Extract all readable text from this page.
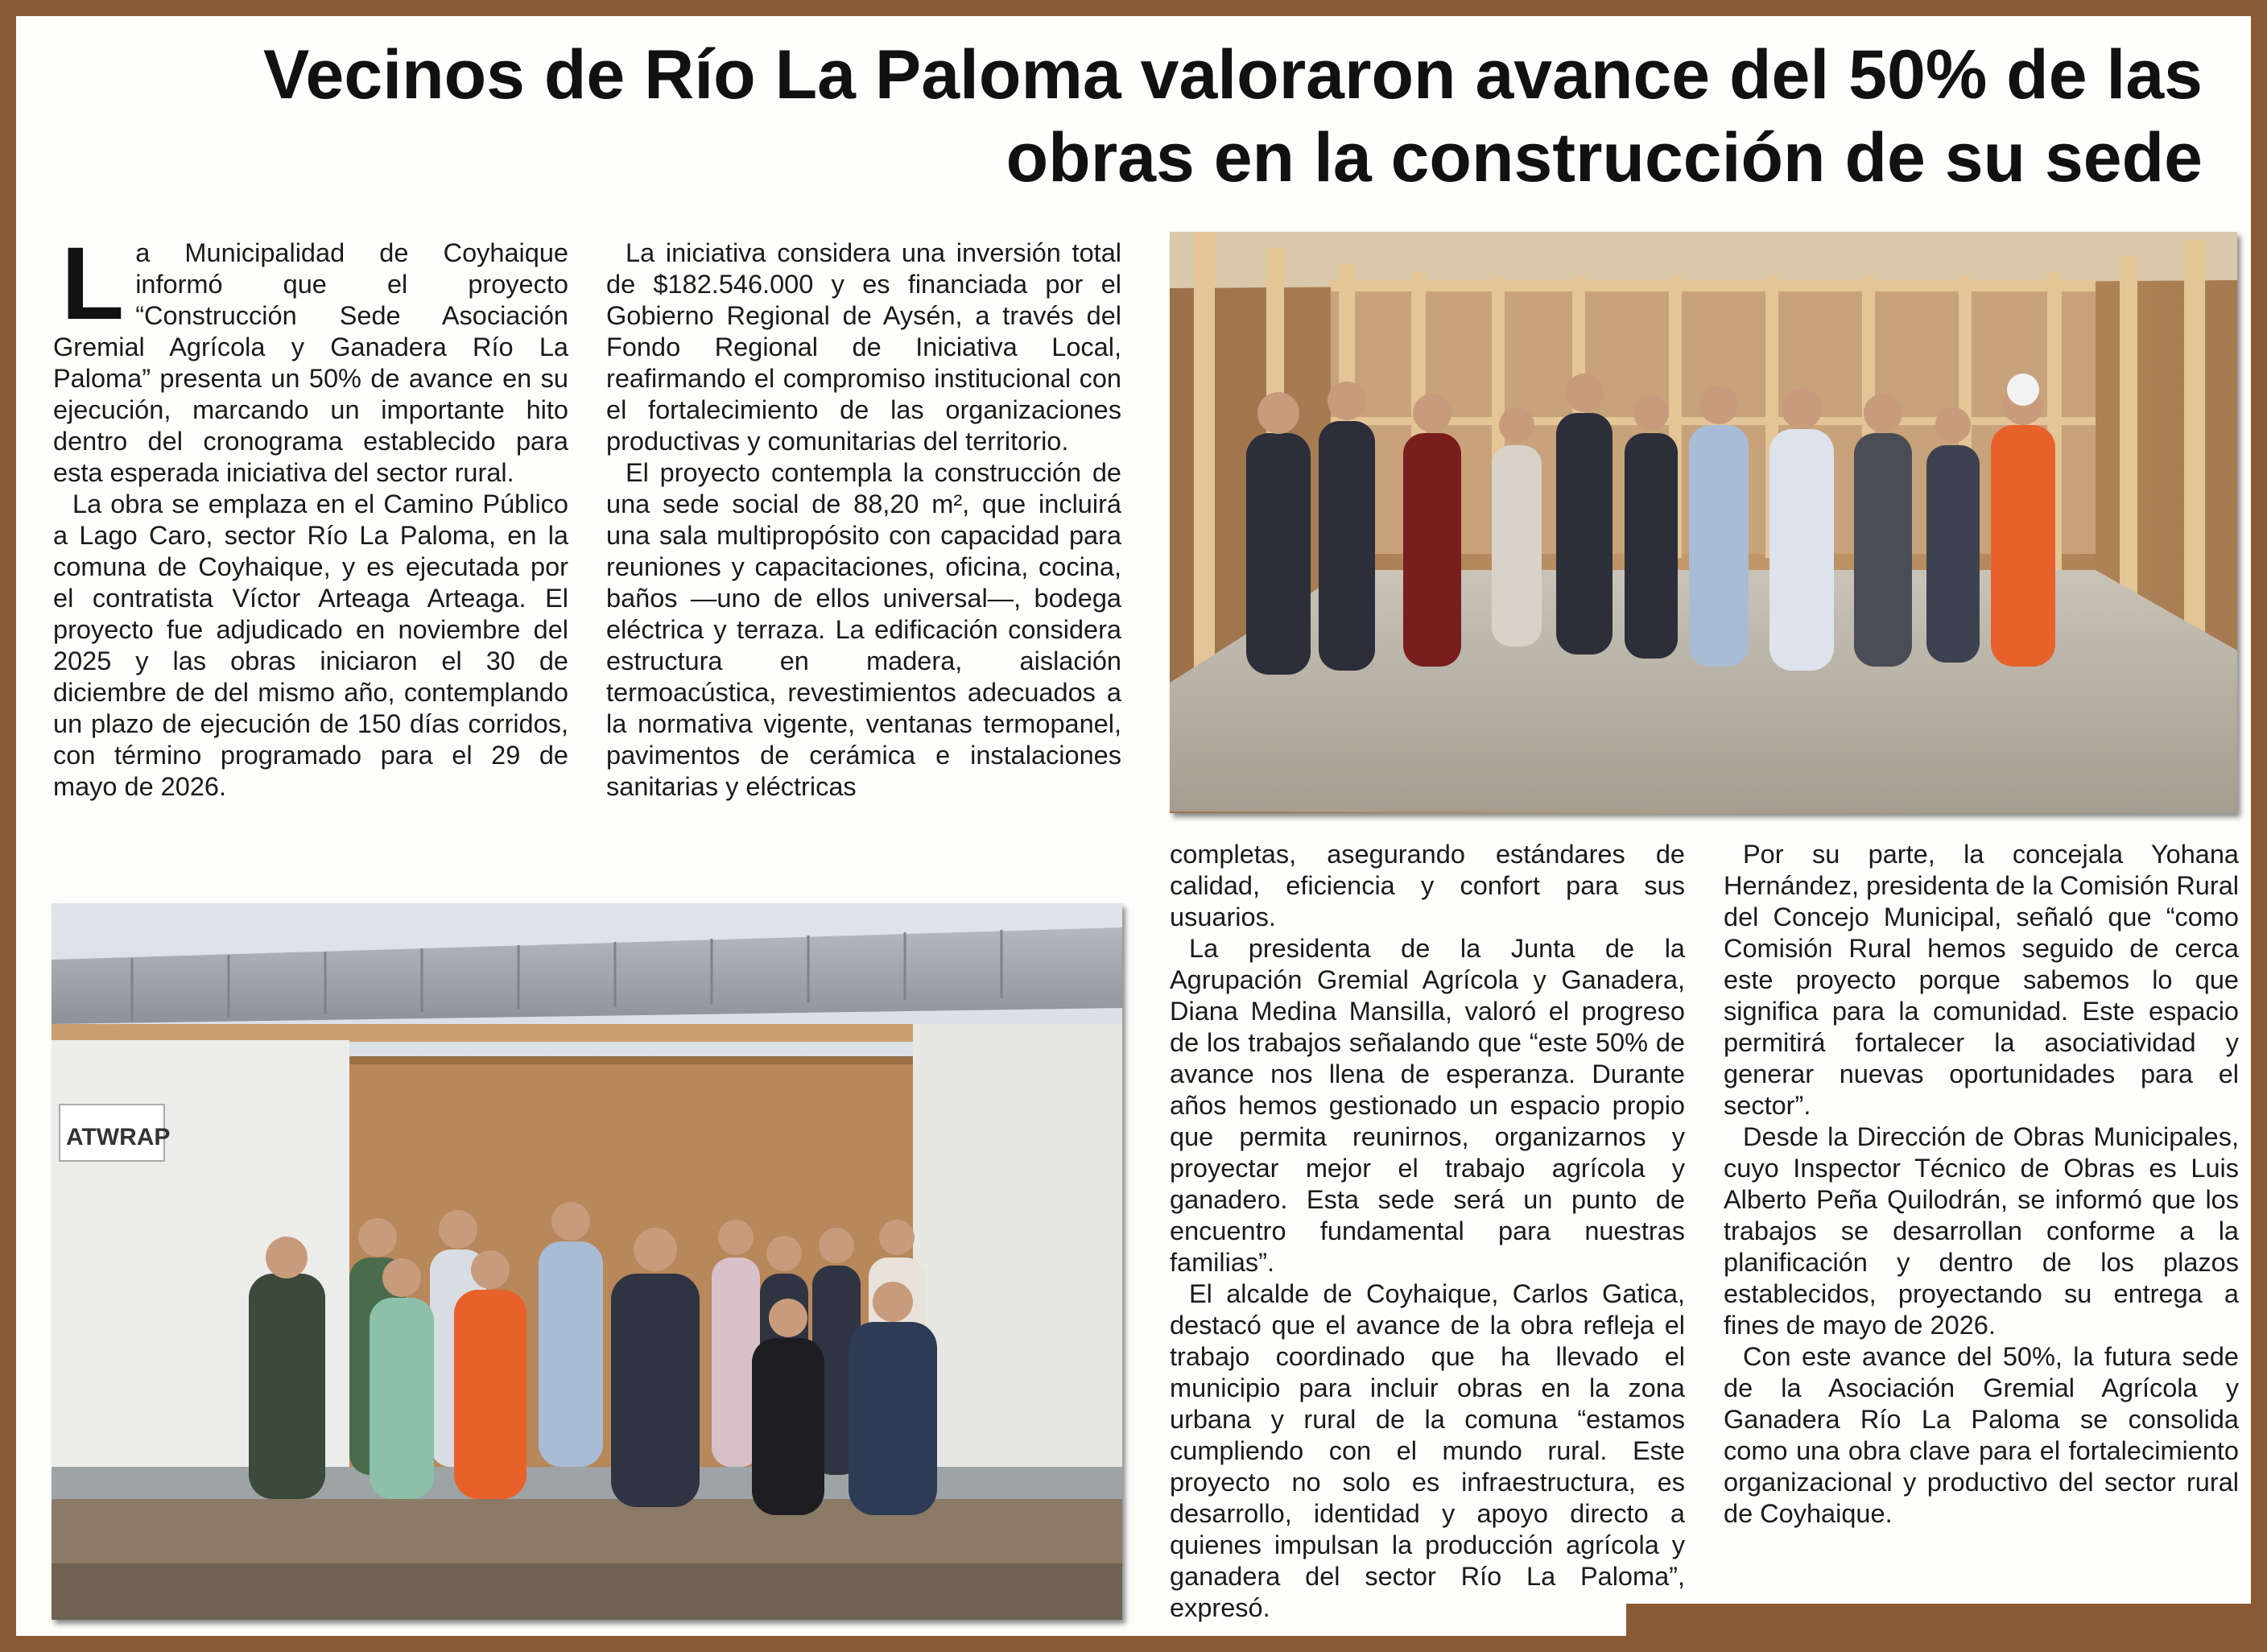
Vecinos de Río La Paloma valoraron avance del 50% de las
obras en la construcción de su sede

La Municipalidad de Coyhaique informó que el proyecto “Construcción Sede Asociación Gremial Agrícola y Ganadera Río La Paloma” presenta un 50% de avance en su ejecución, marcando un importante hito dentro del cronograma establecido para esta esperada iniciativa del sector rural.

La obra se emplaza en el Camino Público a Lago Caro, sector Río La Paloma, en la comuna de Coyhaique, y es ejecutada por el contratista Víctor Arteaga Arteaga. El proyecto fue adjudicado en noviembre del 2025 y las obras iniciaron el 30 de diciembre de del mismo año, contemplando un plazo de ejecución de 150 días corridos, con término programado para el 29 de mayo de 2026.

La iniciativa considera una inversión total de $182.546.000 y es financiada por el Gobierno Regional de Aysén, a través del Fondo Regional de Iniciativa Local, reafirmando el compromiso institucional con el fortalecimiento de las organizaciones productivas y comunitarias del territorio.

El proyecto contempla la construcción de una sede social de 88,20 m², que incluirá una sala multipropósito con capacidad para reuniones y capacitaciones, oficina, cocina, baños —uno de ellos universal—, bodega eléctrica y terraza. La edificación considera estructura en madera, aislación termoacústica, revestimientos adecuados a la normativa vigente, ventanas termopanel, pavimentos de cerámica e instalaciones sanitarias y eléctricas

ATWRAP

completas, asegurando estándares de calidad, eficiencia y confort para sus usuarios.

La presidenta de la Junta de la Agrupación Gremial Agrícola y Ganadera, Diana Medina Mansilla, valoró el progreso de los trabajos señalando que “este 50% de avance nos llena de esperanza. Durante años hemos gestionado un espacio propio que permita reunirnos, organizarnos y proyectar mejor el trabajo agrícola y ganadero. Esta sede será un punto de encuentro fundamental para nuestras familias”.

El alcalde de Coyhaique, Carlos Gatica, destacó que el avance de la obra refleja el trabajo coordinado que ha llevado el municipio para incluir obras en la zona urbana y rural de la comuna “estamos cumpliendo con el mundo rural. Este proyecto no solo es infraestructura, es desarrollo, identidad y apoyo directo a quienes impulsan la producción agrícola y ganadera del sector Río La Paloma”, expresó.

Por su parte, la concejala Yohana Hernández, presidenta de la Comisión Rural del Concejo Municipal, señaló que “como Comisión Rural hemos seguido de cerca este proyecto porque sabemos lo que significa para la comunidad. Este espacio permitirá fortalecer la asociatividad y generar nuevas oportunidades para el sector”.

Desde la Dirección de Obras Municipales, cuyo Inspector Técnico de Obras es Luis Alberto Peña Quilodrán, se informó que los trabajos se desarrollan conforme a la planificación y dentro de los plazos establecidos, proyectando su entrega a fines de mayo de 2026.

Con este avance del 50%, la futura sede de la Asociación Gremial Agrícola y Ganadera Río La Paloma se consolida como una obra clave para el fortalecimiento organizacional y productivo del sector rural de Coyhaique.
